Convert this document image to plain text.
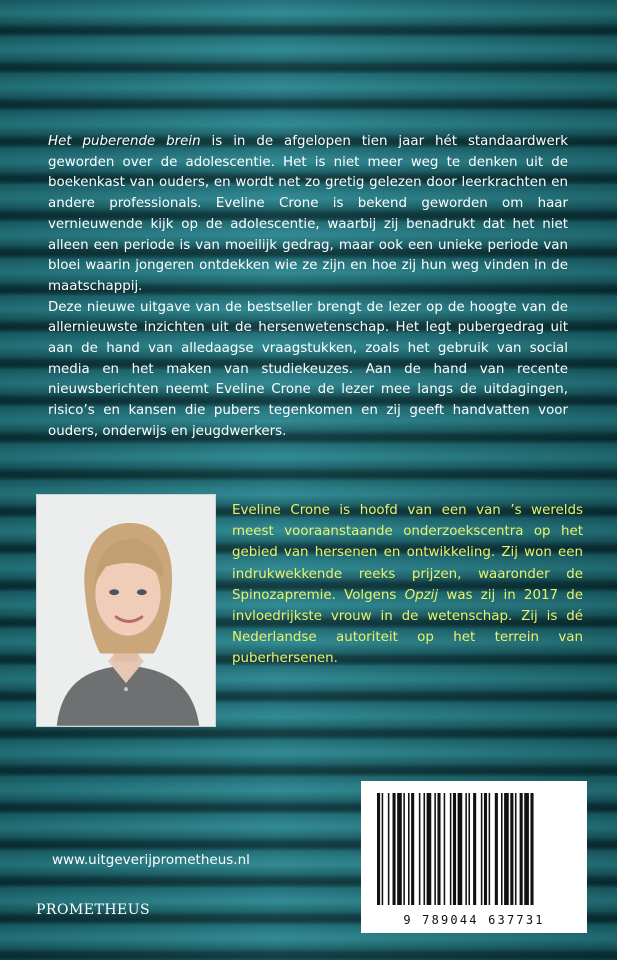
Het puberende brein is in de afgelopen tien jaar hét standaardwerk geworden over de adolescentie. Het is niet meer weg te denken uit de boekenkast van ouders, en wordt net zo gretig gelezen door leerkrachten en andere professionals. Eveline Crone is bekend geworden om haar vernieuwende kijk op de adolescentie, waarbij zij benadrukt dat het niet alleen een periode is van moeilijk gedrag, maar ook een unieke periode van bloei waarin jongeren ontdekken wie ze zijn en hoe zij hun weg vinden in de maatschappij.

Deze nieuwe uitgave van de bestseller brengt de lezer op de hoogte van de allernieuwste inzichten uit de hersenwetenschap. Het legt pubergedrag uit aan de hand van alledaagse vraagstukken, zoals het gebruik van social media en het maken van studiekeuzes. Aan de hand van recente nieuwsberichten neemt Eveline Crone de lezer mee langs de uitdagingen, risico’s en kansen die pubers tegenkomen en zij geeft handvatten voor ouders, onderwijs en jeugdwerkers.

Eveline Crone is hoofd van een van ’s werelds meest vooraanstaande onderzoekscentra op het gebied van hersenen en ontwikkeling. Zij won een indrukwekkende reeks prijzen, waaronder de Spinozapremie. Volgens Opzij was zij in 2017 de invloedrijkste vrouw in de wetenschap. Zij is dé Nederlandse autoriteit op het terrein van puberhersenen.
www.uitgeverijprometheus.nl
PROMETHEUS
9 789044 637731
